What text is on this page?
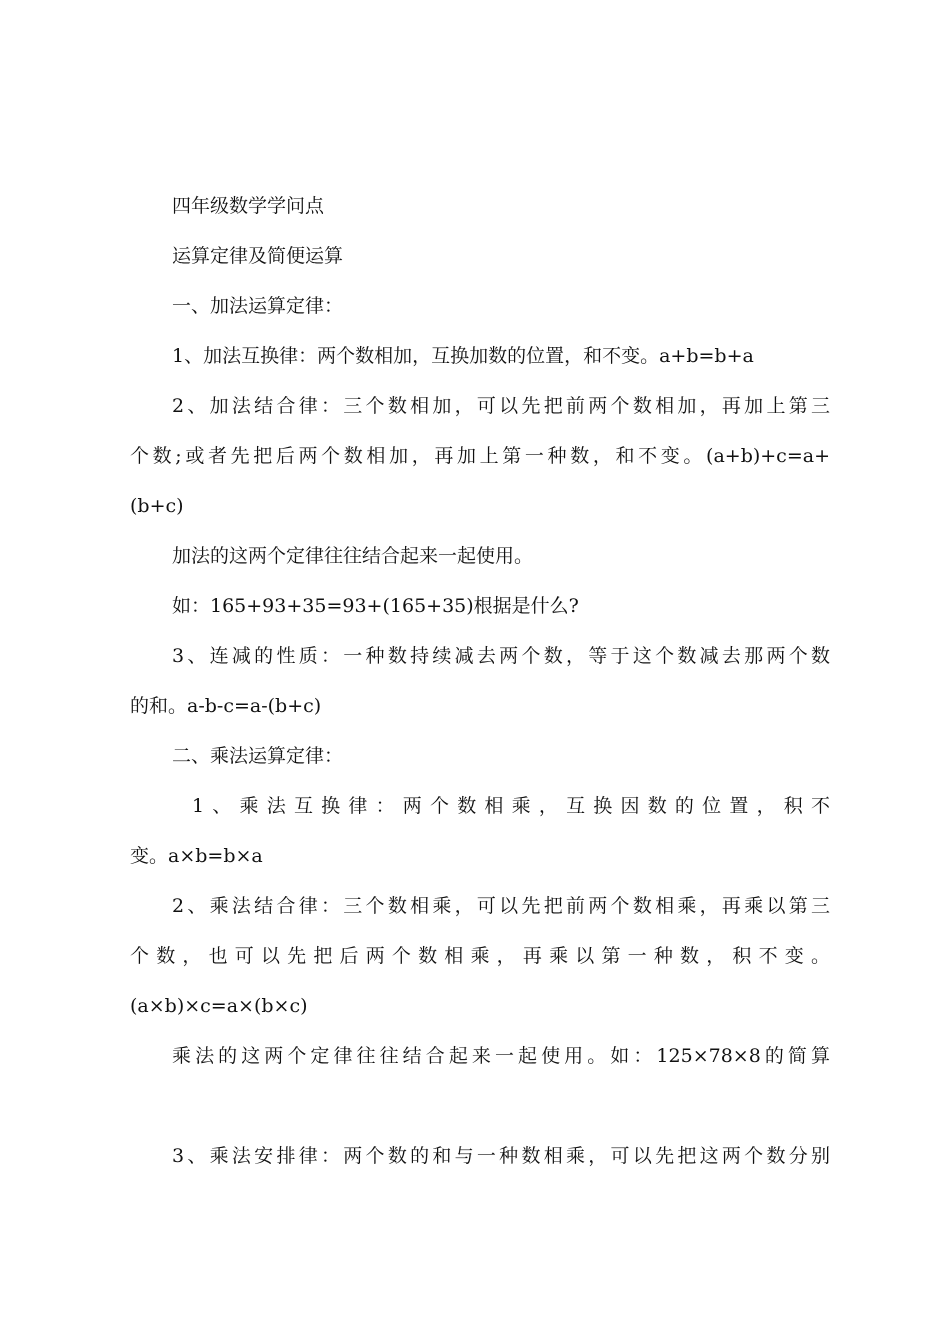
四年级数学学问点
运算定律及简便运算
一、加法运算定律：
1、加法互换律：两个数相加，互换加数的位置，和不变。a+b=b+a
2、加法结合律：三个数相加，可以先把前两个数相加，再加上第三
个数;或者先把后两个数相加，再加上第一种数，和不变。(a+b)+c=a+
(b+c)
加法的这两个定律往往结合起来一起使用。
如：165+93+35=93+(165+35)根据是什么?
3、连减的性质：一种数持续减去两个数，等于这个数减去那两个数
的和。a-b-c=a-(b+c)
二、乘法运算定律：
1、乘法互换律：两个数相乘，互换因数的位置，积不
变。a×b=b×a
2、乘法结合律：三个数相乘，可以先把前两个数相乘，再乘以第三
个数，也可以先把后两个数相乘，再乘以第一种数，积不变。
(a×b)×c=a×(b×c)
乘法的这两个定律往往结合起来一起使用。如：125×78×8的简算
3、乘法安排律：两个数的和与一种数相乘，可以先把这两个数分别
